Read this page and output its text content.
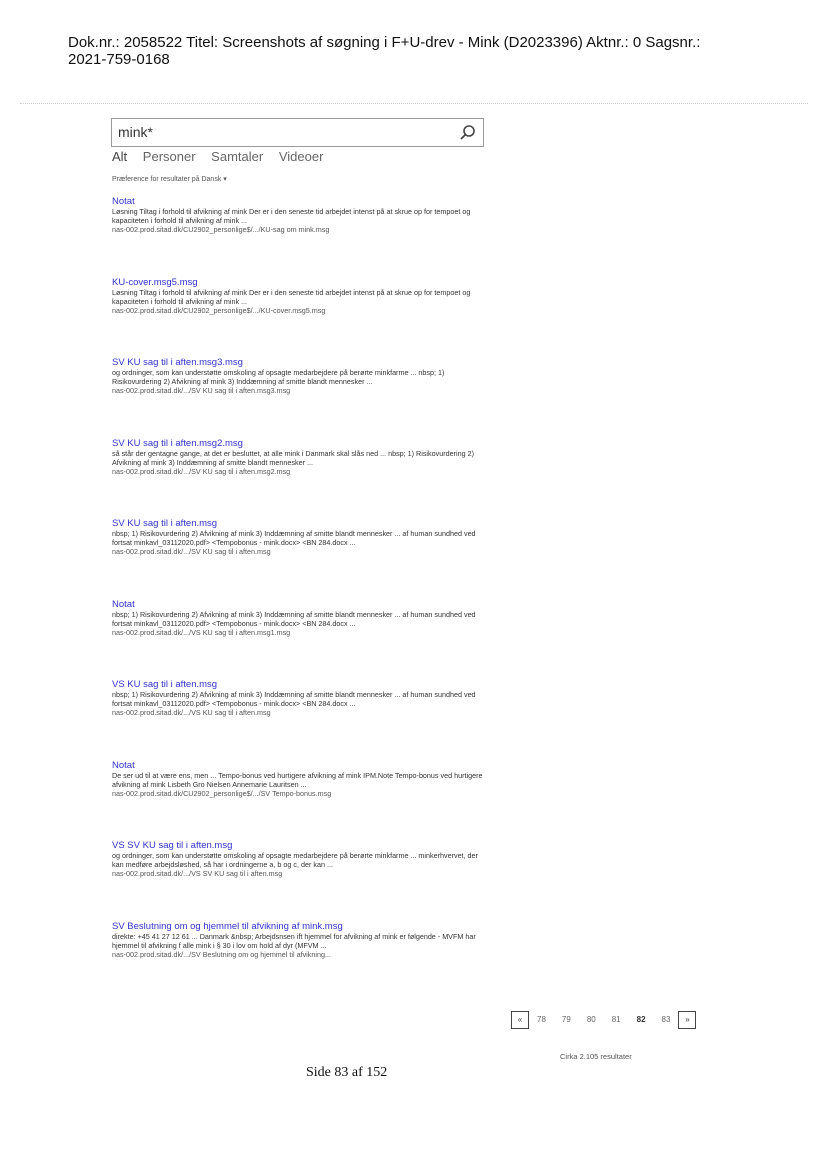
Dok.nr.: 2058522 Titel: Screenshots af søgning i F+U-drev - Mink (D2023396) Aktnr.: 0 Sagsnr.:
2021-759-0168
mink*
Alt Personer Samtaler Videoer
Præference for resultater på Dansk ▾
Notat
Løsning Tiltag i forhold til afvikning af mink Der er i den seneste tid arbejdet intenst på at skrue op for tempoet og kapaciteten i forhold til afvikning af mink ...
nas-002.prod.sitad.dk/CU2902_personlige$/.../KU-sag om mink.msg
KU-cover.msg5.msg
Løsning Tiltag i forhold til afvikning af mink Der er i den seneste tid arbejdet intenst på at skrue op for tempoet og kapaciteten i forhold til afvikning af mink ...
nas-002.prod.sitad.dk/CU2902_personlige$/.../KU-cover.msg5.msg
SV KU sag til i aften.msg3.msg
og ordninger, som kan understøtte omskoling af opsagte medarbejdere på berørte minkfarme ... nbsp; 1) Risikovurdering 2) Afvikning af mink 3) Inddæmning af smitte blandt mennesker ...
nas-002.prod.sitad.dk/.../SV KU sag til i aften.msg3.msg
SV KU sag til i aften.msg2.msg
så står der gentagne gange, at det er besluttet, at alle mink i Danmark skal slås ned ... nbsp; 1) Risikovurdering 2) Afvikning af mink 3) Inddæmning af smitte blandt mennesker ...
nas-002.prod.sitad.dk/.../SV KU sag til i aften.msg2.msg
SV KU sag til i aften.msg
nbsp; 1) Risikovurdering 2) Afvikning af mink 3) Inddæmning af smitte blandt mennesker ... af human sundhed ved fortsat minkavl_03112020.pdf> <Tempobonus - mink.docx> <BN 284.docx ...
nas-002.prod.sitad.dk/.../SV KU sag til i aften.msg
Notat
nbsp; 1) Risikovurdering 2) Afvikning af mink 3) Inddæmning af smitte blandt mennesker ... af human sundhed ved fortsat minkavl_03112020.pdf> <Tempobonus - mink.docx> <BN 284.docx ...
nas-002.prod.sitad.dk/.../VS KU sag til i aften.msg1.msg
VS KU sag til i aften.msg
nbsp; 1) Risikovurdering 2) Afvikning af mink 3) Inddæmning af smitte blandt mennesker ... af human sundhed ved fortsat minkavl_03112020.pdf> <Tempobonus - mink.docx> <BN 284.docx ...
nas-002.prod.sitad.dk/.../VS KU sag til i aften.msg
Notat
De ser ud til at være ens, men ... Tempo-bonus ved hurtigere afvikning af mink IPM.Note Tempo-bonus ved hurtigere afvikning af mink Lisbeth Gro Nielsen Annemarie Lauritsen ...
nas-002.prod.sitad.dk/CU2902_personlige$/.../SV Tempo-bonus.msg
VS SV KU sag til i aften.msg
og ordninger, som kan understøtte omskoling af opsagte medarbejdere på berørte minkfarme ... minkerhvervet, der kan medføre arbejdsløshed, så har i ordningerne a, b og c, der kan ...
nas-002.prod.sitad.dk/.../VS SV KU sag til i aften.msg
SV Beslutning om og hjemmel til afvikning af mink.msg
direkte: +45 41 27 12 61 ... Danmark &nbsp; Arbejdsnsen ift hjemmel for afvikning af mink er følgende - MVFM har hjemmel til afvikning f alle mink i § 30 i lov om hold af dyr (MFVM ...
nas-002.prod.sitad.dk/.../SV Beslutning om og hjemmel til afvikning...
«	78 79 80 81 82 83	»
Cirka 2.105 resultater
Side 83 af 152
